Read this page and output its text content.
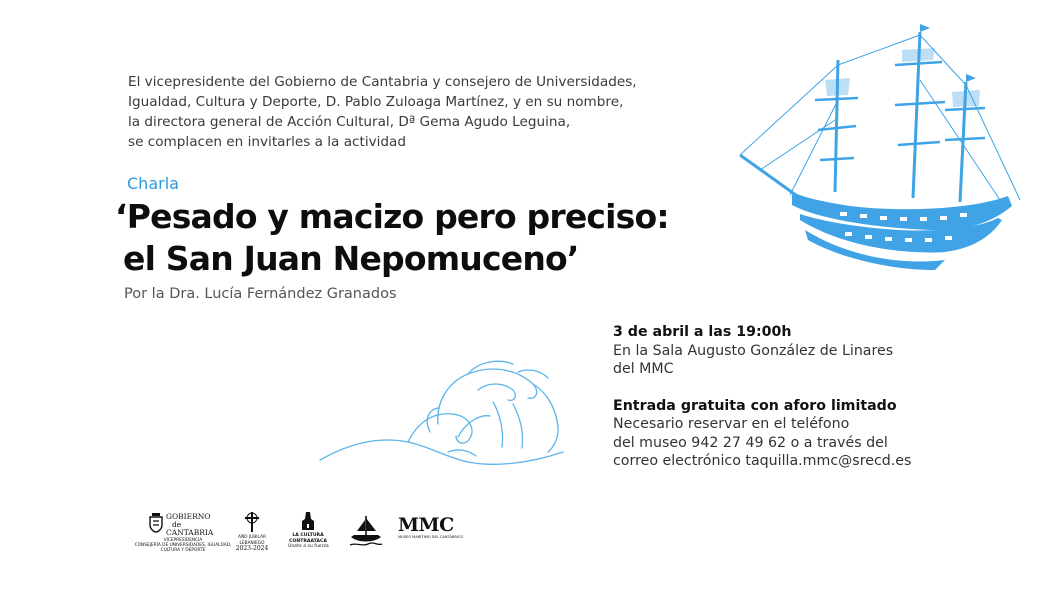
El vicepresidente del Gobierno de Cantabria y consejero de Universidades,
Igualdad, Cultura y Deporte, D. Pablo Zuloaga Martínez, y en su nombre,
la directora general de Acción Cultural, Dª Gema Agudo Leguina,
se complacen en invitarles a la actividad
Charla
‘Pesado y macizo pero preciso:
el San Juan Nepomuceno’
Por la Dra. Lucía Fernández Granados
3 de abril a las 19:00h
En la Sala Augusto González de Linares
del MMC
Entrada gratuita con aforo limitado
Necesario reservar en el teléfono
del museo 942 27 49 62 o a través del
correo electrónico taquilla.mmc@srecd.es
GOBIERNO
de
CANTABRIA
VICEPRESIDENCIA
CONSEJERÍA DE UNIVERSIDADES, IGUALDAD,
CULTURA Y DEPORTE
AÑO JUBILAR
LEBANIEGO
2023-2024
LA CULTURA
CONTRAATACA
Únete a su fuerza
MMC
MUSEO MARÍTIMO DEL CANTÁBRICO
